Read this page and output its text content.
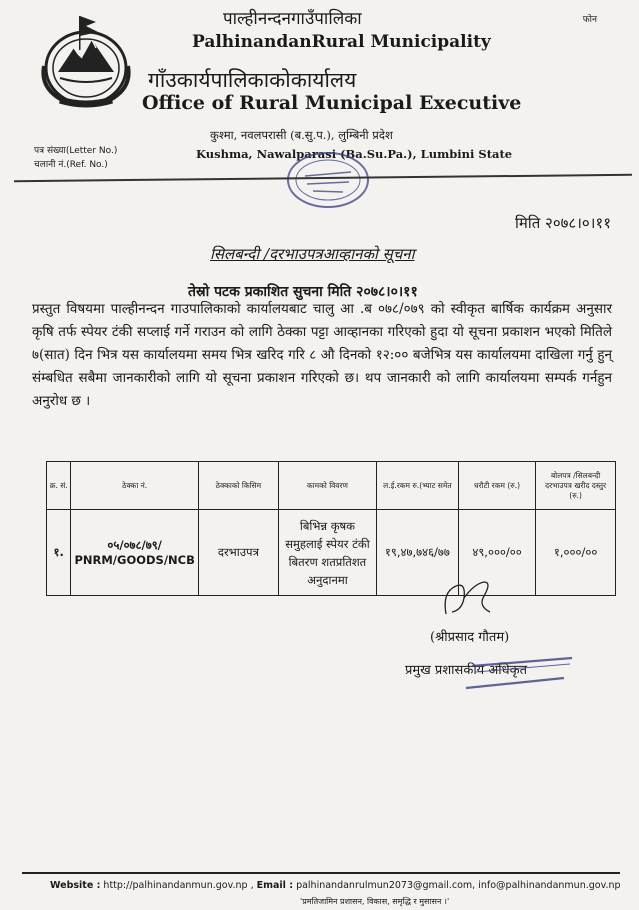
फोन
पाल्हीनन्दनगाउँपालिका
PalhinandanRural Municipality
गाँउकार्यपालिकाकोकार्यालय
Office of Rural Municipal Executive
कुश्मा, नवलपरासी (ब.सु.प.), लुम्बिनी प्रदेश
Kushma, Nawalparasi (Ba.Su.Pa.), Lumbini State
पत्र संख्या(Letter No.)
चलानी नं.(Ref. No.)
मिति २०७८।०।११
सिलबन्दी /दरभाउपत्रआव्हानको सूचना
तेस्रो पटक प्रकाशित सुचना मिति २०७८।०।११

प्रस्तुत विषयमा पाल्हीनन्दन गाउपालिकाको कार्यालयबाट चालु आ .ब ०७८/०७९ को स्वीकृत बार्षिक कार्यक्रम अनुसार कृषि तर्फ स्पेयर टंकी सप्लाई गर्ने गराउन को लागि ठेक्का पट्टा आव्हानका गरिएको हुदा यो सूचना प्रकाशन भएको मितिले ७(सात) दिन भित्र यस कार्यालयमा समय भित्र खरिद गरि ८ औ दिनको १२:०० बजेभित्र यस कार्यालयमा दाखिला गर्नु हुन् संम्बधित सबैमा जानकारीको लागि यो सूचना प्रकाशन गरिएको छ। थप जानकारी को लागि कार्यालयमा सम्पर्क गर्नहुन अनुरोध छ ।

क्र. सं.	ठेक्का नं.	ठेक्काको किसिम	कामको विवरण	ल.ई.रकम रु.(भ्याट समेत	धरौटी रकम (रु.)	बोलपत्र /सिलबन्दी दरभाउपत्र खरीद दस्तुर (रु.)
१.	०५/०७८/७९/ PNRM/GOODS/NCB	दरभाउपत्र	बिभिन्न कृषक समुहलाई स्पेयर टंकी बितरण शतप्रतिशत अनुदानमा	१९,४७,७४६/७७	४९,०००/००	१,०००/००
(श्रीप्रसाद गौतम)
प्रमुख प्रशासकीय अधिकृत
Website : http://palhinandanmun.gov.np , Email : palhinandanrulmun2073@gmail.com, info@palhinandanmun.gov.np
'प्रमतिजामिन प्रशासन, विकास, समृद्धि र मुसासन ।'
